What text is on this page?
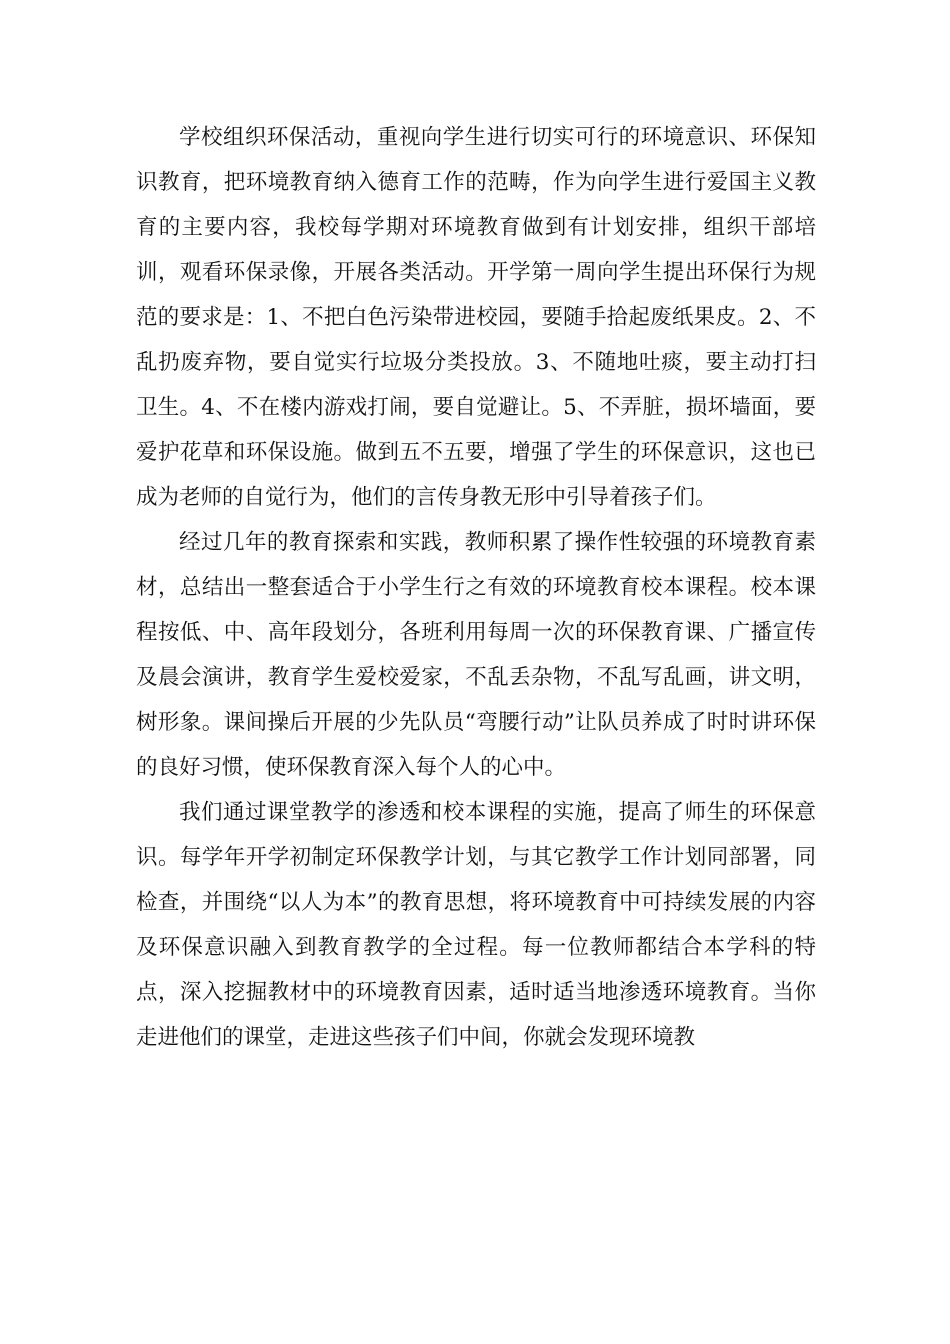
学校组织环保活动，重视向学生进行切实可行的环境意识、环保知识教育，把环境教育纳入德育工作的范畴，作为向学生进行爱国主义教育的主要内容，我校每学期对环境教育做到有计划安排，组织干部培训，观看环保录像，开展各类活动。开学第一周向学生提出环保行为规范的要求是：1、不把白色污染带进校园，要随手拾起废纸果皮。2、不乱扔废弃物，要自觉实行垃圾分类投放。3、不随地吐痰，要主动打扫卫生。4、不在楼内游戏打闹，要自觉避让。5、不弄脏，损坏墙面，要爱护花草和环保设施。做到五不五要，增强了学生的环保意识，这也已成为老师的自觉行为，他们的言传身教无形中引导着孩子们。

经过几年的教育探索和实践，教师积累了操作性较强的环境教育素材，总结出一整套适合于小学生行之有效的环境教育校本课程。校本课程按低、中、高年段划分，各班利用每周一次的环保教育课、广播宣传及晨会演讲，教育学生爱校爱家，不乱丢杂物，不乱写乱画，讲文明，树形象。课间操后开展的少先队员“弯腰行动”让队员养成了时时讲环保的良好习惯，使环保教育深入每个人的心中。

我们通过课堂教学的渗透和校本课程的实施，提高了师生的环保意识。每学年开学初制定环保教学计划，与其它教学工作计划同部署，同检查，并围绕“以人为本”的教育思想，将环境教育中可持续发展的内容及环保意识融入到教育教学的全过程。每一位教师都结合本学科的特点，深入挖掘教材中的环境教育因素，适时适当地渗透环境教育。当你走进他们的课堂，走进这些孩子们中间，你就会发现环境教
